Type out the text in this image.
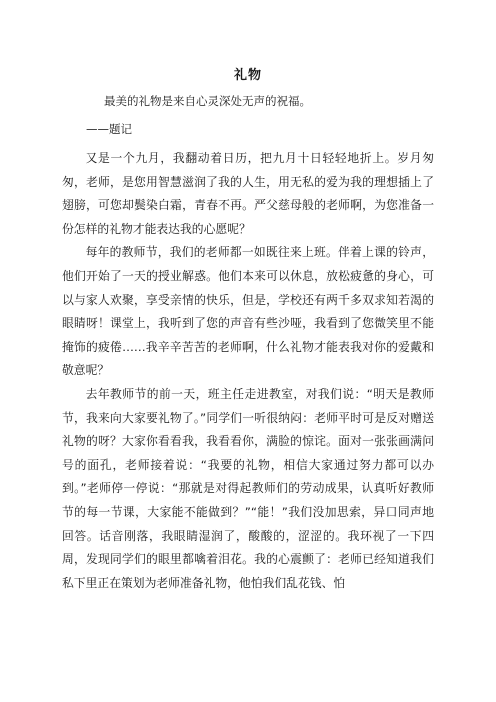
礼物
最美的礼物是来自心灵深处无声的祝福。
——题记

又是一个九月，我翻动着日历，把九月十日轻轻地折上。岁月匆匆，老师，是您用智慧滋润了我的人生，用无私的爱为我的理想插上了翅膀，可您却鬓染白霜，青春不再。严父慈母般的老师啊，为您准备一份怎样的礼物才能表达我的心愿呢？

每年的教师节，我们的老师都一如既往来上班。伴着上课的铃声，他们开始了一天的授业解惑。他们本来可以休息，放松疲惫的身心，可以与家人欢聚，享受亲情的快乐，但是，学校还有两千多双求知若渴的眼睛呀！课堂上，我听到了您的声音有些沙哑，我看到了您微笑里不能掩饰的疲倦……我辛辛苦苦的老师啊，什么礼物才能表我对你的爱戴和敬意呢？

去年教师节的前一天，班主任走进教室，对我们说：“明天是教师节，我来向大家要礼物了。”同学们一听很纳闷：老师平时可是反对赠送礼物的呀？大家你看看我，我看看你，满脸的惊诧。面对一张张画满问号的面孔，老师接着说：“我要的礼物，相信大家通过努力都可以办到。”老师停一停说：“那就是对得起教师们的劳动成果，认真听好教师节的每一节课，大家能不能做到？”“能！”我们没加思索，异口同声地回答。话音刚落，我眼睛湿润了，酸酸的，涩涩的。我环视了一下四周，发现同学们的眼里都噙着泪花。我的心震颤了：老师已经知道我们私下里正在策划为老师准备礼物，他怕我们乱花钱、怕
